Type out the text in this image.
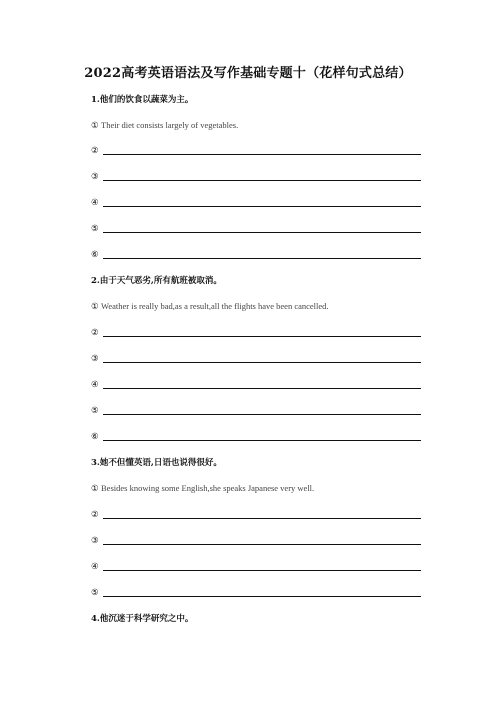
2022高考英语语法及写作基础专题十（花样句式总结）
1.他们的饮食以蔬菜为主。
① Their diet consists largely of vegetables.
②
③
④
⑤
⑥
2.由于天气恶劣,所有航班被取消。
① Weather is really bad,as a result,all the flights have been cancelled.
②
③
④
⑤
⑥
3.她不但懂英语,日语也说得很好。
① Besides knowing some English,she speaks Japanese very well.
②
③
④
⑤
4.他沉迷于科学研究之中。
